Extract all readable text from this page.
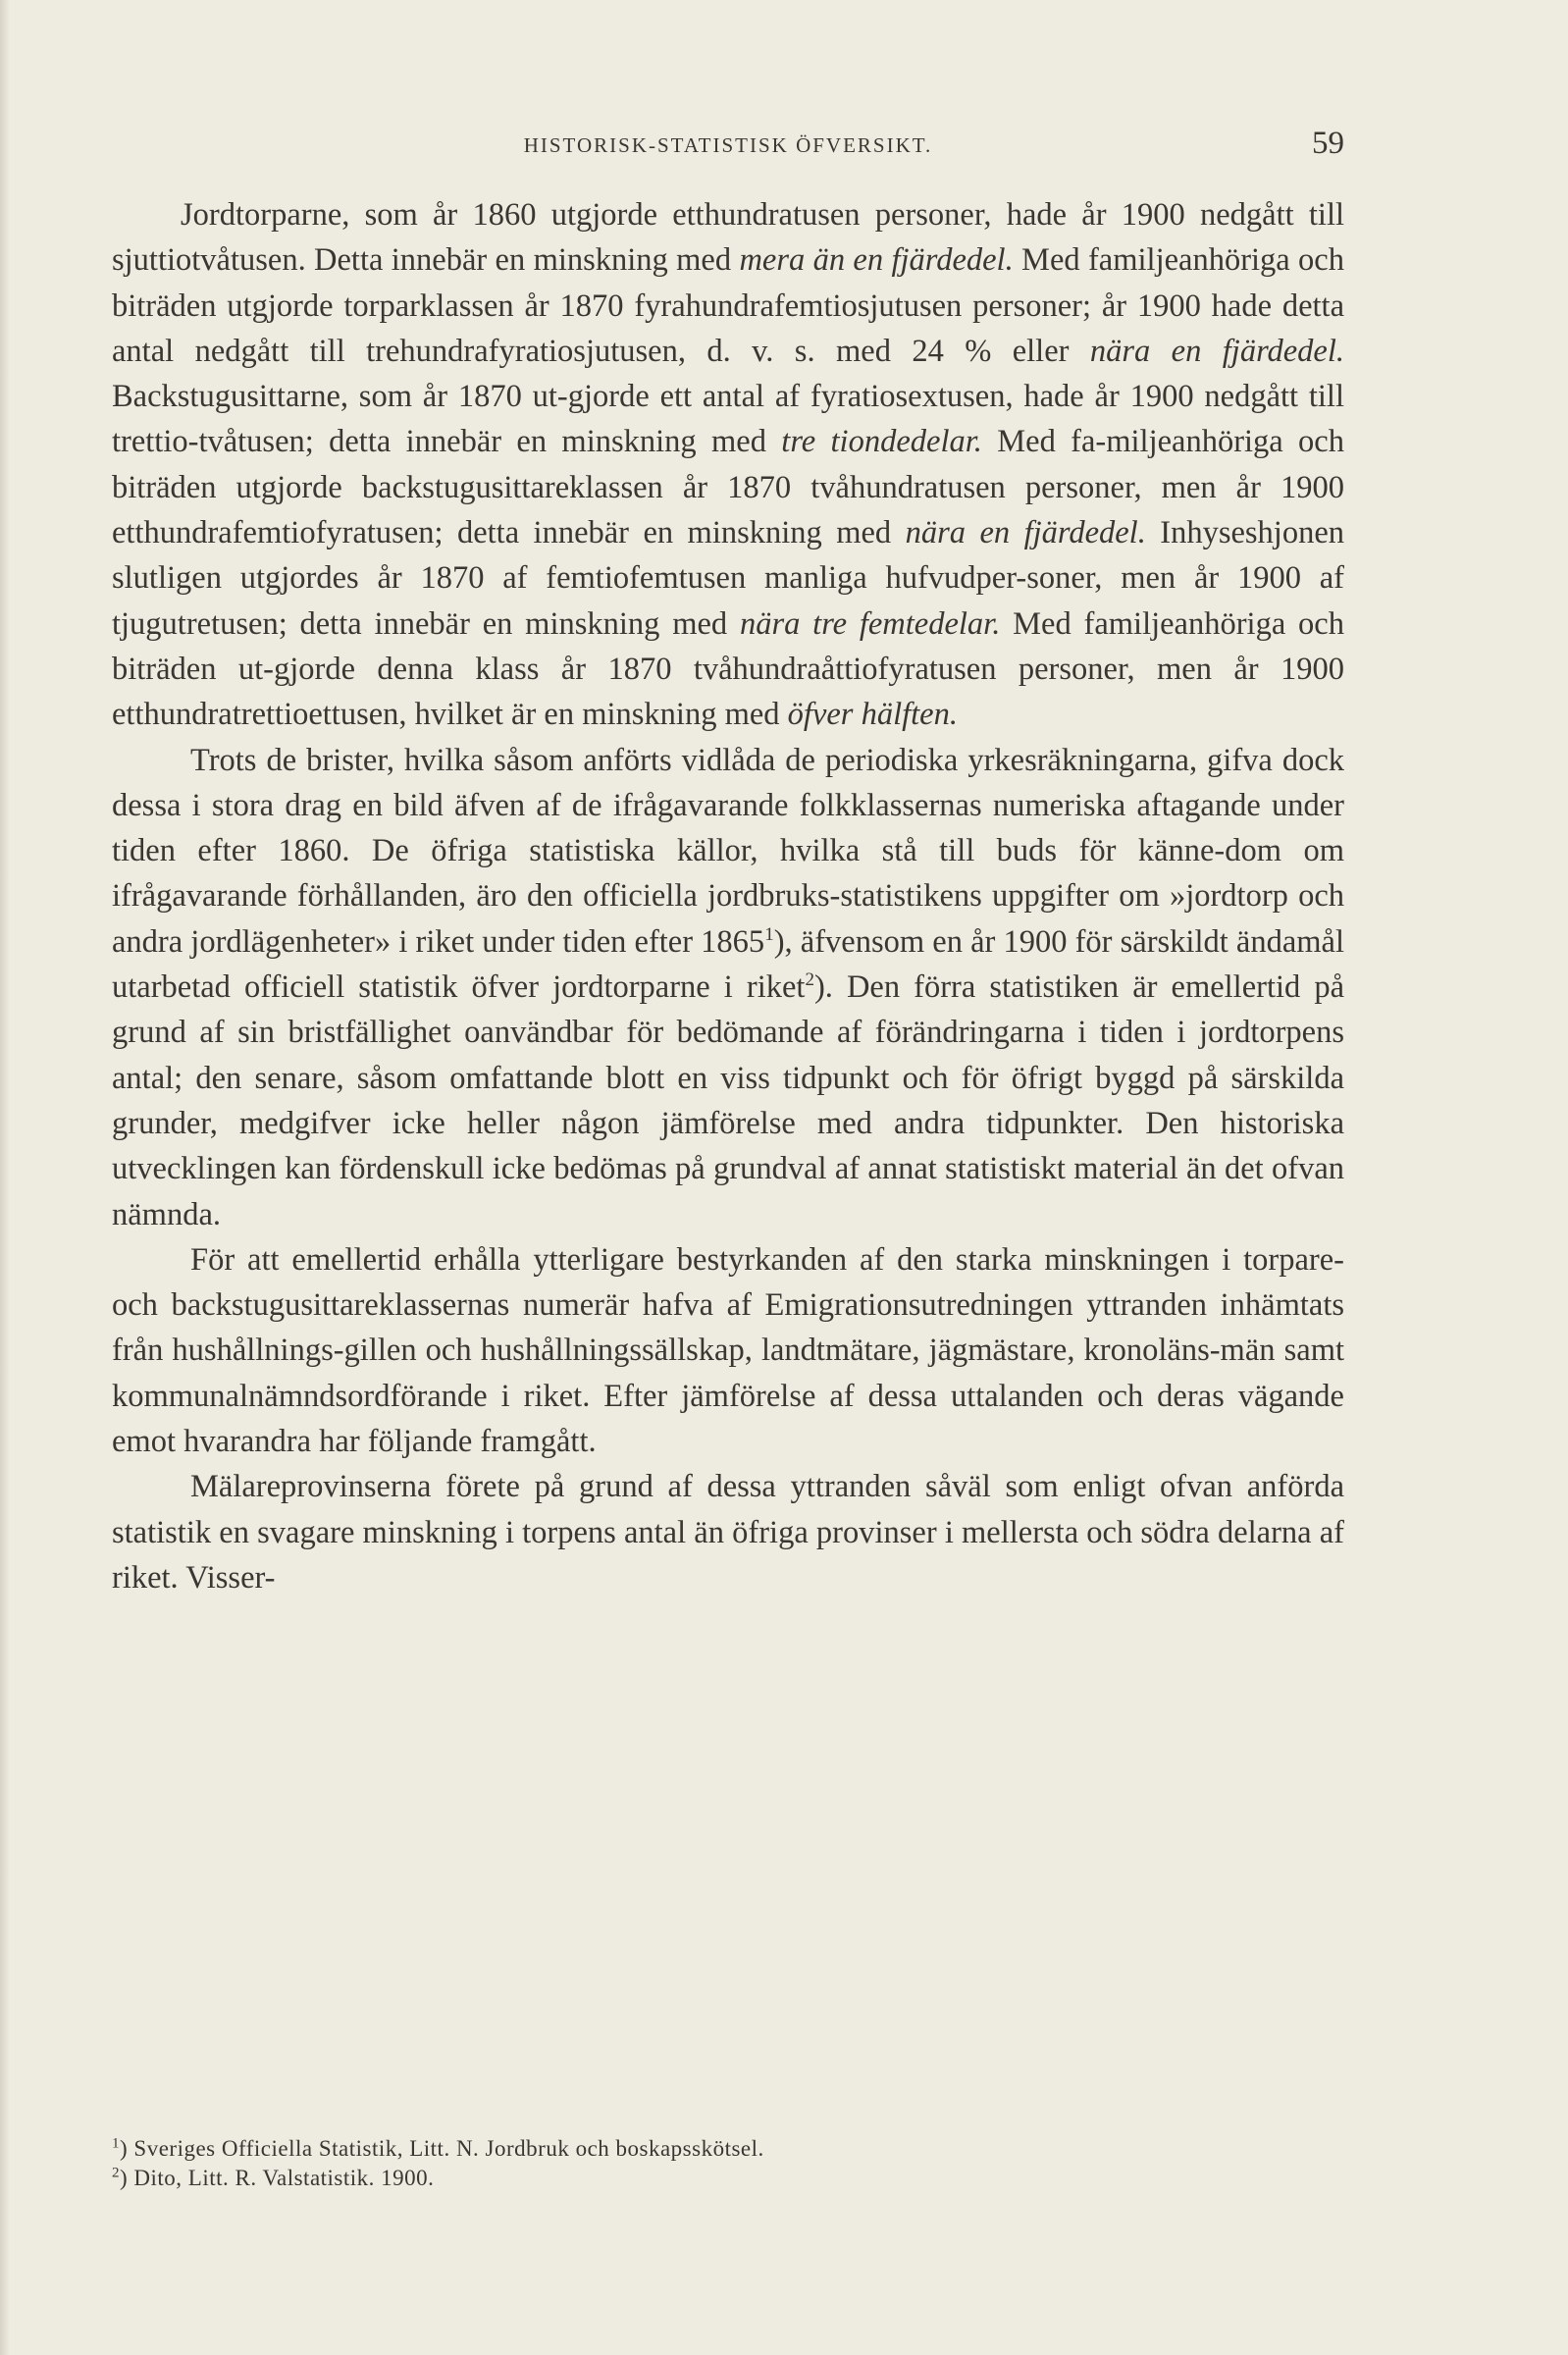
HISTORISK-STATISTISK ÖFVERSIKT.	59

Jordtorparne, som år 1860 utgjorde etthundratusen personer, hade år 1900 nedgått till sjuttiotvåtusen. Detta innebär en minskning med mera än en fjärdedel. Med familjeanhöriga och biträden utgjorde torparklassen år 1870 fyrahundrafemtiosjutusen personer; år 1900 hade detta antal nedgått till trehundrafyratiosjutusen, d. v. s. med 24 % eller nära en fjärdedel. Backstugusittarne, som år 1870 ut-gjorde ett antal af fyratiosextusen, hade år 1900 nedgått till trettio-tvåtusen; detta innebär en minskning med tre tiondedelar. Med fa-miljeanhöriga och biträden utgjorde backstugusittareklassen år 1870 tvåhundratusen personer, men år 1900 etthundrafemtiofyratusen; detta innebär en minskning med nära en fjärdedel. Inhyseshjonen slutligen utgjordes år 1870 af femtiofemtusen manliga hufvudper-soner, men år 1900 af tjugutretusen; detta innebär en minskning med nära tre femtedelar. Med familjeanhöriga och biträden ut-gjorde denna klass år 1870 tvåhundraåttiofyratusen personer, men år 1900 etthundratrettioettusen, hvilket är en minskning med öfver hälften.

Trots de brister, hvilka såsom anförts vidlåda de periodiska yrkesräkningarna, gifva dock dessa i stora drag en bild äfven af de ifrågavarande folkklassernas numeriska aftagande under tiden efter 1860. De öfriga statistiska källor, hvilka stå till buds för känne-dom om ifrågavarande förhållanden, äro den officiella jordbruks-statistikens uppgifter om »jordtorp och andra jordlägenheter» i riket under tiden efter 1865$^1$), äfvensom en år 1900 för särskildt ändamål utarbetad officiell statistik öfver jordtorparne i riket$^2$). Den förra statistiken är emellertid på grund af sin bristfällighet oanvändbar för bedömande af förändringarna i tiden i jordtorpens antal; den senare, såsom omfattande blott en viss tidpunkt och för öfrigt byggd på särskilda grunder, medgifver icke heller någon jämförelse med andra tidpunkter. Den historiska utvecklingen kan fördenskull icke bedömas på grundval af annat statistiskt material än det ofvan nämnda.

För att emellertid erhålla ytterligare bestyrkanden af den starka minskningen i torpare- och backstugusittareklassernas numerär hafva af Emigrationsutredningen yttranden inhämtats från hushållnings-gillen och hushållningssällskap, landtmätare, jägmästare, kronoläns-män samt kommunalnämndsordförande i riket. Efter jämförelse af dessa uttalanden och deras vägande emot hvarandra har följande framgått.

Mälareprovinserna förete på grund af dessa yttranden såväl som enligt ofvan anförda statistik en svagare minskning i torpens antal än öfriga provinser i mellersta och södra delarna af riket. Visser-

$^1$) Sveriges Officiella Statistik, Litt. N. Jordbruk och boskapsskötsel.

$^2$) Dito, Litt. R. Valstatistik. 1900.
